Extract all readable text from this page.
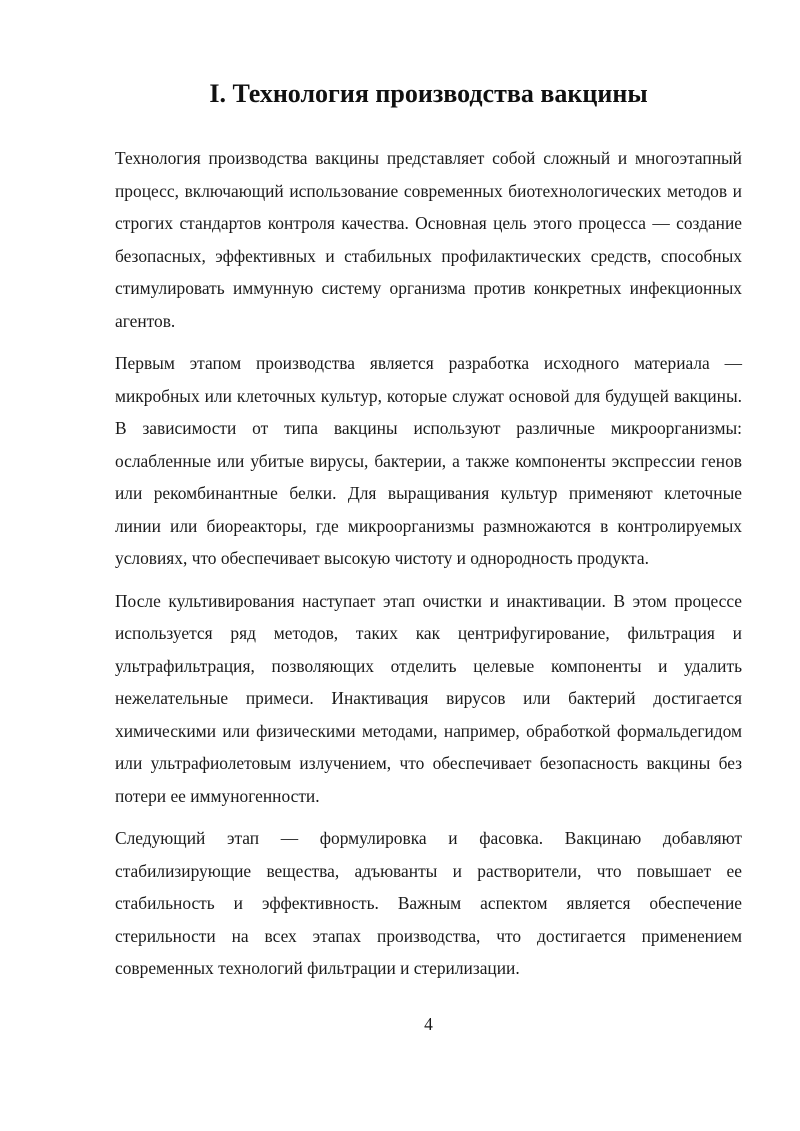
I. Технология производства вакцины

Технология производства вакцины представляет собой сложный и многоэтапный процесс, включающий использование современных биотехнологических методов и строгих стандартов контроля качества. Основная цель этого процесса — создание безопасных, эффективных и стабильных профилактических средств, способных стимулировать иммунную систему организма против конкретных инфекционных агентов.

Первым этапом производства является разработка исходного материала — микробных или клеточных культур, которые служат основой для будущей вакцины. В зависимости от типа вакцины используют различные микроорганизмы: ослабленные или убитые вирусы, бактерии, а также компоненты экспрессии генов или рекомбинантные белки. Для выращивания культур применяют клеточные линии или биореакторы, где микроорганизмы размножаются в контролируемых условиях, что обеспечивает высокую чистоту и однородность продукта.

После культивирования наступает этап очистки и инактивации. В этом процессе используется ряд методов, таких как центрифугирование, фильтрация и ультрафильтрация, позволяющих отделить целевые компоненты и удалить нежелательные примеси. Инактивация вирусов или бактерий достигается химическими или физическими методами, например, обработкой формальдегидом или ультрафиолетовым излучением, что обеспечивает безопасность вакцины без потери ее иммуногенности.

Следующий этап — формулировка и фасовка. Вакцинаю добавляют стабилизирующие вещества, адъюванты и растворители, что повышает ее стабильность и эффективность. Важным аспектом является обеспечение стерильности на всех этапах производства, что достигается применением современных технологий фильтрации и стерилизации.

4
